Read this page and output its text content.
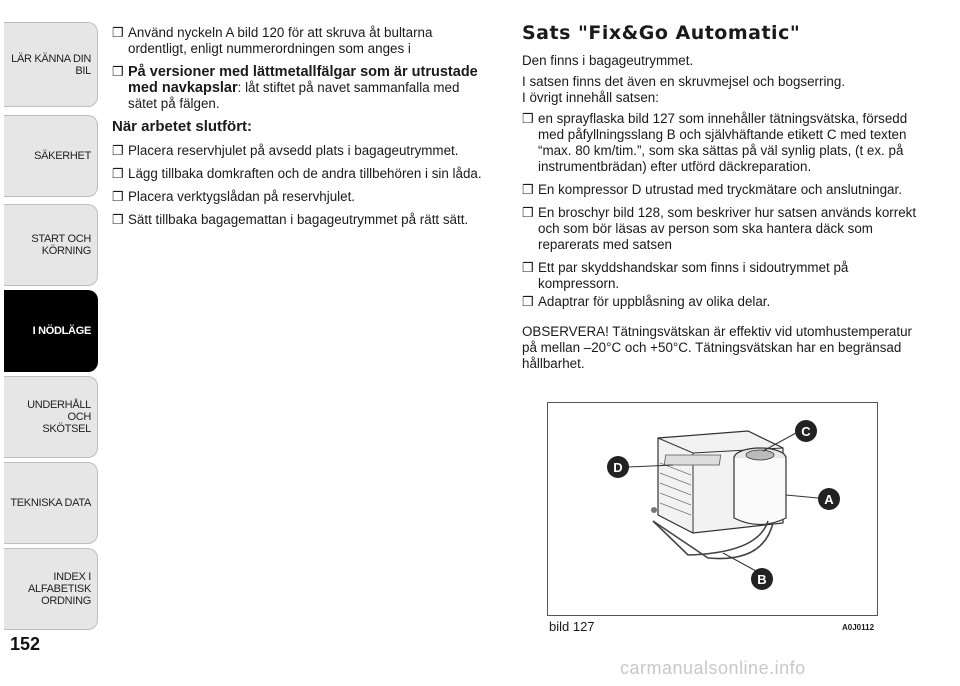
LÄR KÄNNA DIN BIL
SÄKERHET
START OCH
KÖRNING
I NÖDLÄGE
UNDERHÅLL OCH
SKÖTSEL
TEKNISKA DATA
INDEX I ALFABETISK
ORDNING
152
❒ Använd nyckeln A bild 120 för att skruva åt bultarna ordentligt, enligt nummerordningen som anges i
❒ På versioner med lättmetallfälgar som är utrustade med navkapslar: låt stiftet på navet sammanfalla med sätet på fälgen.
När arbetet slutfört:
❒ Placera reservhjulet på avsedd plats i bagageutrymmet.
❒ Lägg tillbaka domkraften och de andra tillbehören i sin låda.
❒ Placera verktygslådan på reservhjulet.
❒ Sätt tillbaka bagagemattan i bagageutrymmet på rätt sätt.
Sats "Fix&Go Automatic"

Den finns i bagageutrymmet.

I satsen finns det även en skruvmejsel och bogserring.

I övrigt innehåll satsen:

❒ en sprayflaska bild 127 som innehåller tätningsvätska, försedd med påfyllningsslang B och självhäftande etikett C med texten “max. 80 km/tim.”, som ska sättas på väl synlig plats, (t ex. på instrumentbrädan) efter utförd däckreparation.
❒ En kompressor D utrustad med tryckmätare och anslutningar.
❒ En broschyr bild 128, som beskriver hur satsen används korrekt och som bör läsas av person som ska hantera däck som reparerats med satsen
❒ Ett par skyddshandskar som finns i sidoutrymmet på kompressorn.
❒ Adaptrar för uppblåsning av olika delar.

OBSERVERA! Tätningsvätskan är effektiv vid utomhustemperatur på mellan –20°C och +50°C. Tätningsvätskan har en begränsad hållbarhet.

C
D
A
B
bild 127	A0J0112
carmanualsonline.info
